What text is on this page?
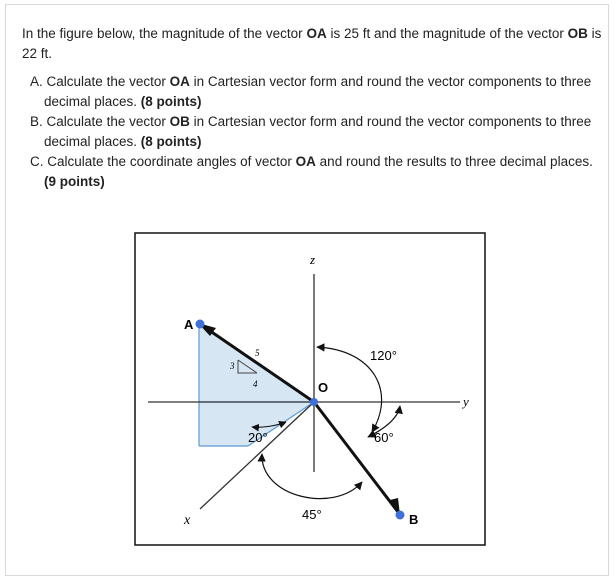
In the figure below, the magnitude of the vector OA is 25 ft and the magnitude of the vector OB is 22 ft.
A. Calculate the vector OA in Cartesian vector form and round the vector components to three decimal places. (8 points)
B. Calculate the vector OB in Cartesian vector form and round the vector components to three decimal places. (8 points)
C. Calculate the coordinate angles of vector OA and round the results to three decimal places. (9 points)
z
y
x
A
3
4
5
B
O
120°
60°
20°
45°
